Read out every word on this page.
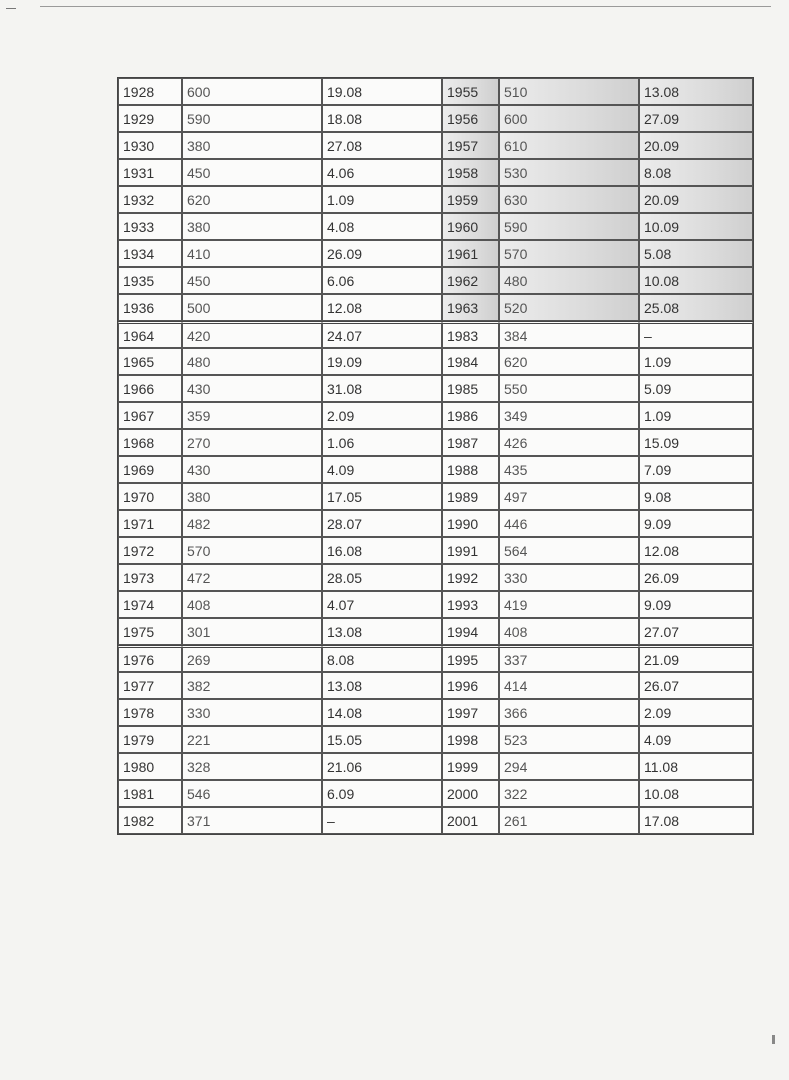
1928	600	19.08	1955	510	13.08
1929	590	18.08	1956	600	27.09
1930	380	27.08	1957	610	20.09
1931	450	4.06	1958	530	8.08
1932	620	1.09	1959	630	20.09
1933	380	4.08	1960	590	10.09
1934	410	26.09	1961	570	5.08
1935	450	6.06	1962	480	10.08
1936	500	12.08	1963	520	25.08
1964	420	24.07	1983	384	–
1965	480	19.09	1984	620	1.09
1966	430	31.08	1985	550	5.09
1967	359	2.09	1986	349	1.09
1968	270	1.06	1987	426	15.09
1969	430	4.09	1988	435	7.09
1970	380	17.05	1989	497	9.08
1971	482	28.07	1990	446	9.09
1972	570	16.08	1991	564	12.08
1973	472	28.05	1992	330	26.09
1974	408	4.07	1993	419	9.09
1975	301	13.08	1994	408	27.07
1976	269	8.08	1995	337	21.09
1977	382	13.08	1996	414	26.07
1978	330	14.08	1997	366	2.09
1979	221	15.05	1998	523	4.09
1980	328	21.06	1999	294	11.08
1981	546	6.09	2000	322	10.08
1982	371	–	2001	261	17.08
